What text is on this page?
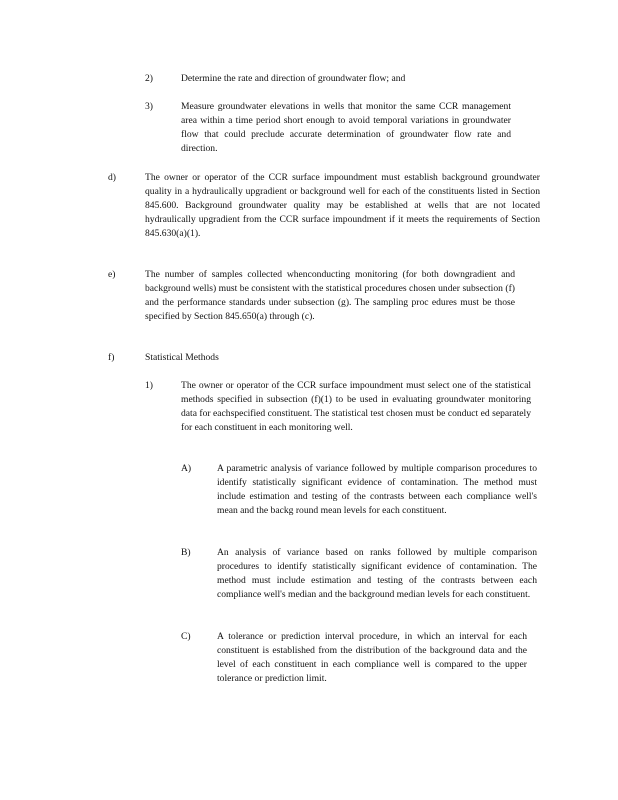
2)	Determine the rate and direction of groundwater flow; and
3)	Measure groundwater elevations in wells that monitor the same CCR management area within a time period short enough to avoid temporal variations in groundwater flow that could preclude accurate determination of groundwater flow rate and direction.
d)	The owner or operator of the CCR surface impoundment must establish background groundwater quality in a hydraulically upgradient or background well for each of the constituents listed in Section 845.600. Background groundwater quality may be established at wells that are not located hydraulically upgradient from the CCR surface impoundment if it meets the requirements of Section 845.630(a)(1).
e)	The number of samples collected whenconducting monitoring (for both downgradient and background wells) must be consistent with the statistical procedures chosen under subsection (f) and the performance standards under subsection (g). The sampling proc edures must be those specified by Section 845.650(a) through (c).
f)	Statistical Methods
1)	The owner or operator of the CCR surface impoundment must select one of the statistical methods specified in subsection (f)(1) to be used in evaluating groundwater monitoring data for eachspecified constituent. The statistical test chosen must be conduct ed separately for each constituent in each monitoring well.
A)	A parametric analysis of variance followed by multiple comparison procedures to identify statistically significant evidence of contamination. The method must include estimation and testing of the contrasts between each compliance well's mean and the backg round mean levels for each constituent.
B)	An analysis of variance based on ranks followed by multiple comparison procedures to identify statistically significant evidence of contamination. The method must include estimation and testing of the contrasts between each compliance well's median and the background median levels for each constituent.
C)	A tolerance or prediction interval procedure, in which an interval for each constituent is established from the distribution of the background data and the level of each constituent in each compliance well is compared to the upper tolerance or prediction limit.
